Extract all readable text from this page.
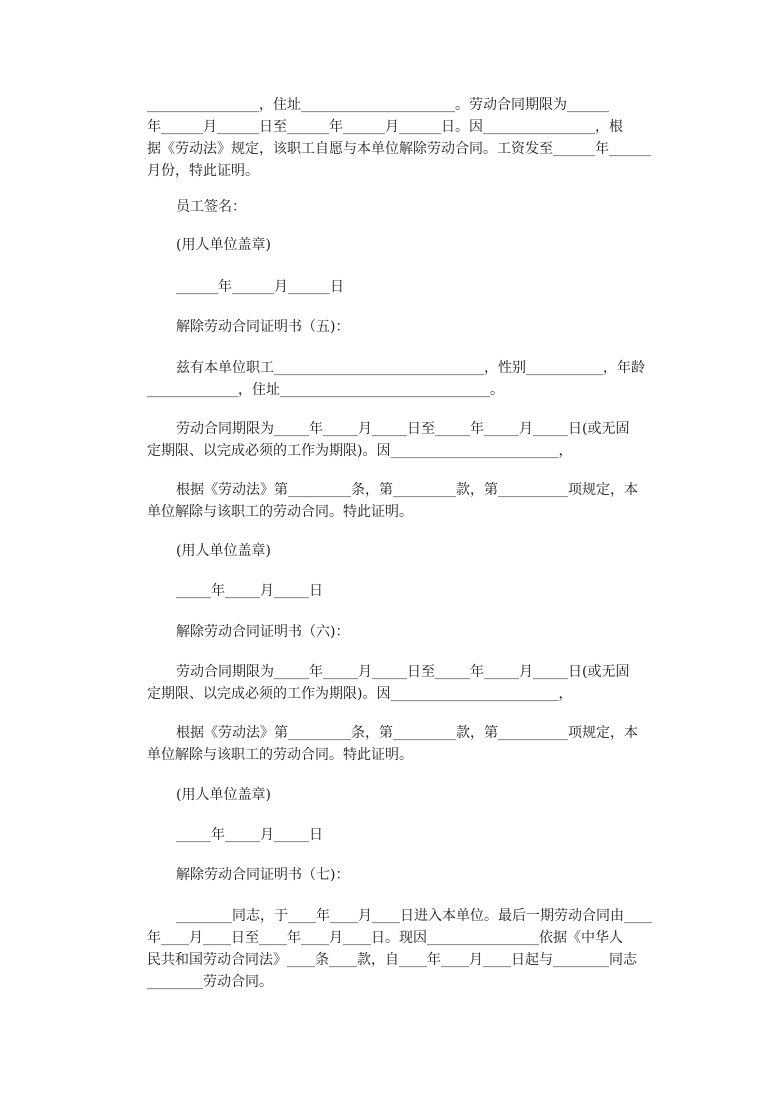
________________，住址______________________。劳动合同期限为______
年______月______日至______年______月______日。因________________，根
据《劳动法》规定，该职工自愿与本单位解除劳动合同。工资发至______年______
月份，特此证明。
员工签名：
(用人单位盖章)
______年______月______日
解除劳动合同证明书（五)：
兹有本单位职工______________________________，性别___________，年龄
_____________，住址______________________________。
劳动合同期限为_____年_____月_____日至_____年_____月_____日(或无固
定期限、以完成必须的工作为期限)。因________________________，
根据《劳动法》第_________条，第_________款，第__________项规定，本
单位解除与该职工的劳动合同。特此证明。
(用人单位盖章)
_____年_____月_____日
解除劳动合同证明书（六)：
劳动合同期限为_____年_____月_____日至_____年_____月_____日(或无固
定期限、以完成必须的工作为期限)。因________________________，
根据《劳动法》第_________条，第_________款，第__________项规定，本
单位解除与该职工的劳动合同。特此证明。
(用人单位盖章)
_____年_____月_____日
解除劳动合同证明书（七)：
________同志，于____年____月____日进入本单位。最后一期劳动合同由____
年____月____日至____年____月____日。现因________________依据《中华人
民共和国劳动合同法》____条____款，自____年____月____日起与________同志
________劳动合同。
